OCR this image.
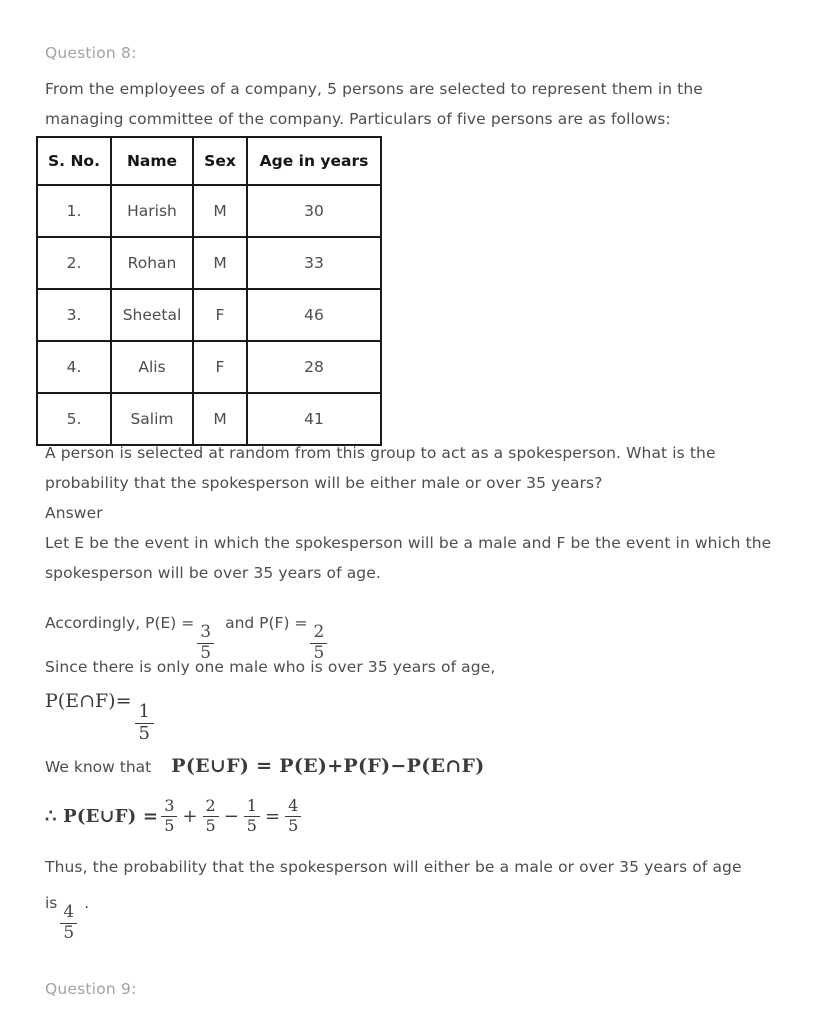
Question 8:
From the employees of a company, 5 persons are selected to represent them in the managing committee of the company. Particulars of five persons are as follows:
S. No.	Name	Sex	Age in years
1.	Harish	M	30
2.	Rohan	M	33
3.	Sheetal	F	46
4.	Alis	F	28
5.	Salim	M	41
A person is selected at random from this group to act as a spokesperson. What is the probability that the spokesperson will be either male or over 35 years?
Answer
Let E be the event in which the spokesperson will be a male and F be the event in which the spokesperson will be over 35 years of age.
Accordingly, P(E) =
$\frac{3}{5}$
and P(F) =
$\frac{2}{5}$
Since there is only one male who is over 35 years of age,
P(E∩F)=
$\frac{1}{5}$
We know that P(E∪F) = P(E)+P(F)−P(E∩F)
∴ P(E∪F) = $\frac{3}{5} + \frac{2}{5} - \frac{1}{5} = \frac{4}{5}$
Thus, the probability that the spokesperson will either be a male or over 35 years of age
is
$\frac{4}{5}$
.
Question 9:
